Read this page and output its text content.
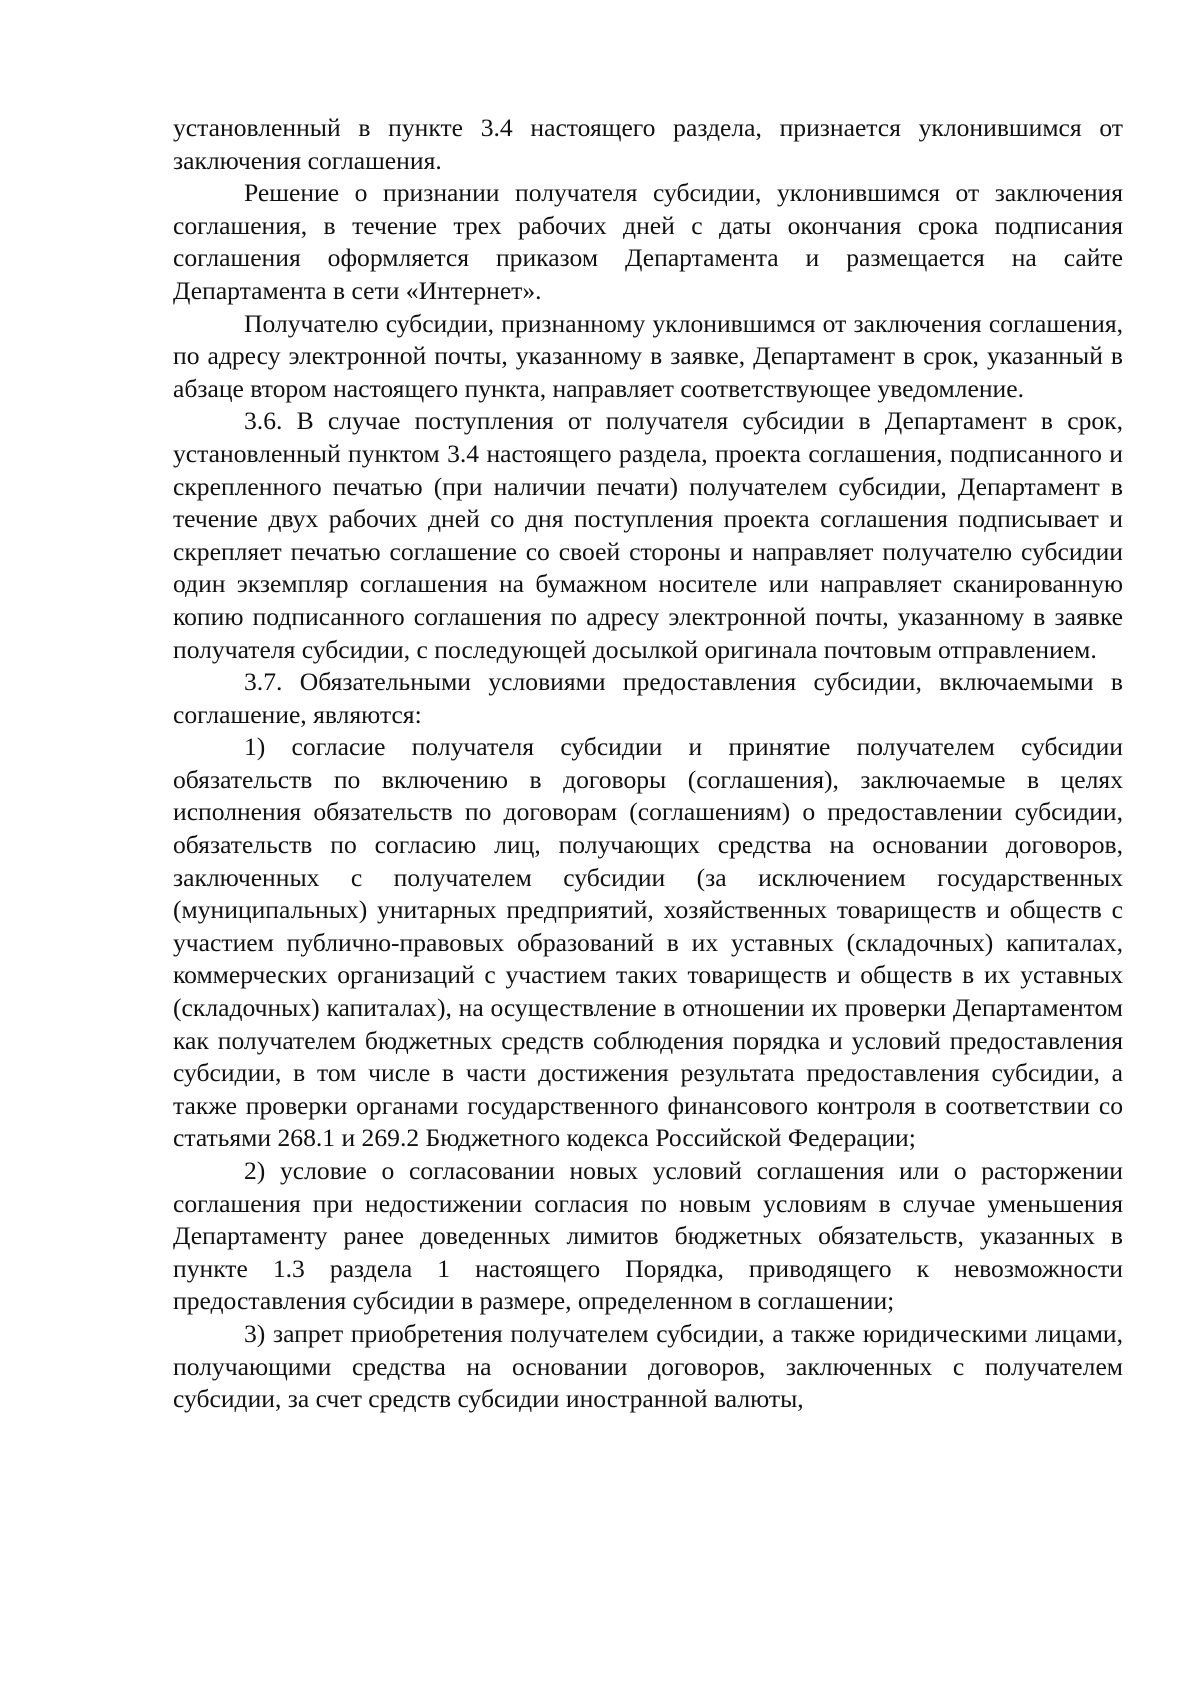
установленный в пункте 3.4 настоящего раздела, признается уклонившимся от заключения соглашения.

Решение о признании получателя субсидии, уклонившимся от заключения соглашения, в течение трех рабочих дней с даты окончания срока подписания соглашения оформляется приказом Департамента и размещается на сайте Департамента в сети «Интернет».

Получателю субсидии, признанному уклонившимся от заключения соглашения, по адресу электронной почты, указанному в заявке, Департамент в срок, указанный в абзаце втором настоящего пункта, направляет соответствующее уведомление.

3.6. В случае поступления от получателя субсидии в Департамент в срок, установленный пунктом 3.4 настоящего раздела, проекта соглашения, подписанного и скрепленного печатью (при наличии печати) получателем субсидии, Департамент в течение двух рабочих дней со дня поступления проекта соглашения подписывает и скрепляет печатью соглашение со своей стороны и направляет получателю субсидии один экземпляр соглашения на бумажном носителе или направляет сканированную копию подписанного соглашения по адресу электронной почты, указанному в заявке получателя субсидии, с последующей досылкой оригинала почтовым отправлением.

3.7. Обязательными условиями предоставления субсидии, включаемыми в соглашение, являются:

1) согласие получателя субсидии и принятие получателем субсидии обязательств по включению в договоры (соглашения), заключаемые в целях исполнения обязательств по договорам (соглашениям) о предоставлении субсидии, обязательств по согласию лиц, получающих средства на основании договоров, заключенных с получателем субсидии (за исключением государственных (муниципальных) унитарных предприятий, хозяйственных товариществ и обществ с участием публично-правовых образований в их уставных (складочных) капиталах, коммерческих организаций с участием таких товариществ и обществ в их уставных (складочных) капиталах), на осуществление в отношении их проверки Департаментом как получателем бюджетных средств соблюдения порядка и условий предоставления субсидии, в том числе в части достижения результата предоставления субсидии, а также проверки органами государственного финансового контроля в соответствии со статьями 268.1 и 269.2 Бюджетного кодекса Российской Федерации;

2) условие о согласовании новых условий соглашения или о расторжении соглашения при недостижении согласия по новым условиям в случае уменьшения Департаменту ранее доведенных лимитов бюджетных обязательств, указанных в пункте 1.3 раздела 1 настоящего Порядка, приводящего к невозможности предоставления субсидии в размере, определенном в соглашении;

3) запрет приобретения получателем субсидии, а также юридическими лицами, получающими средства на основании договоров, заключенных с получателем субсидии, за счет средств субсидии иностранной валюты,
